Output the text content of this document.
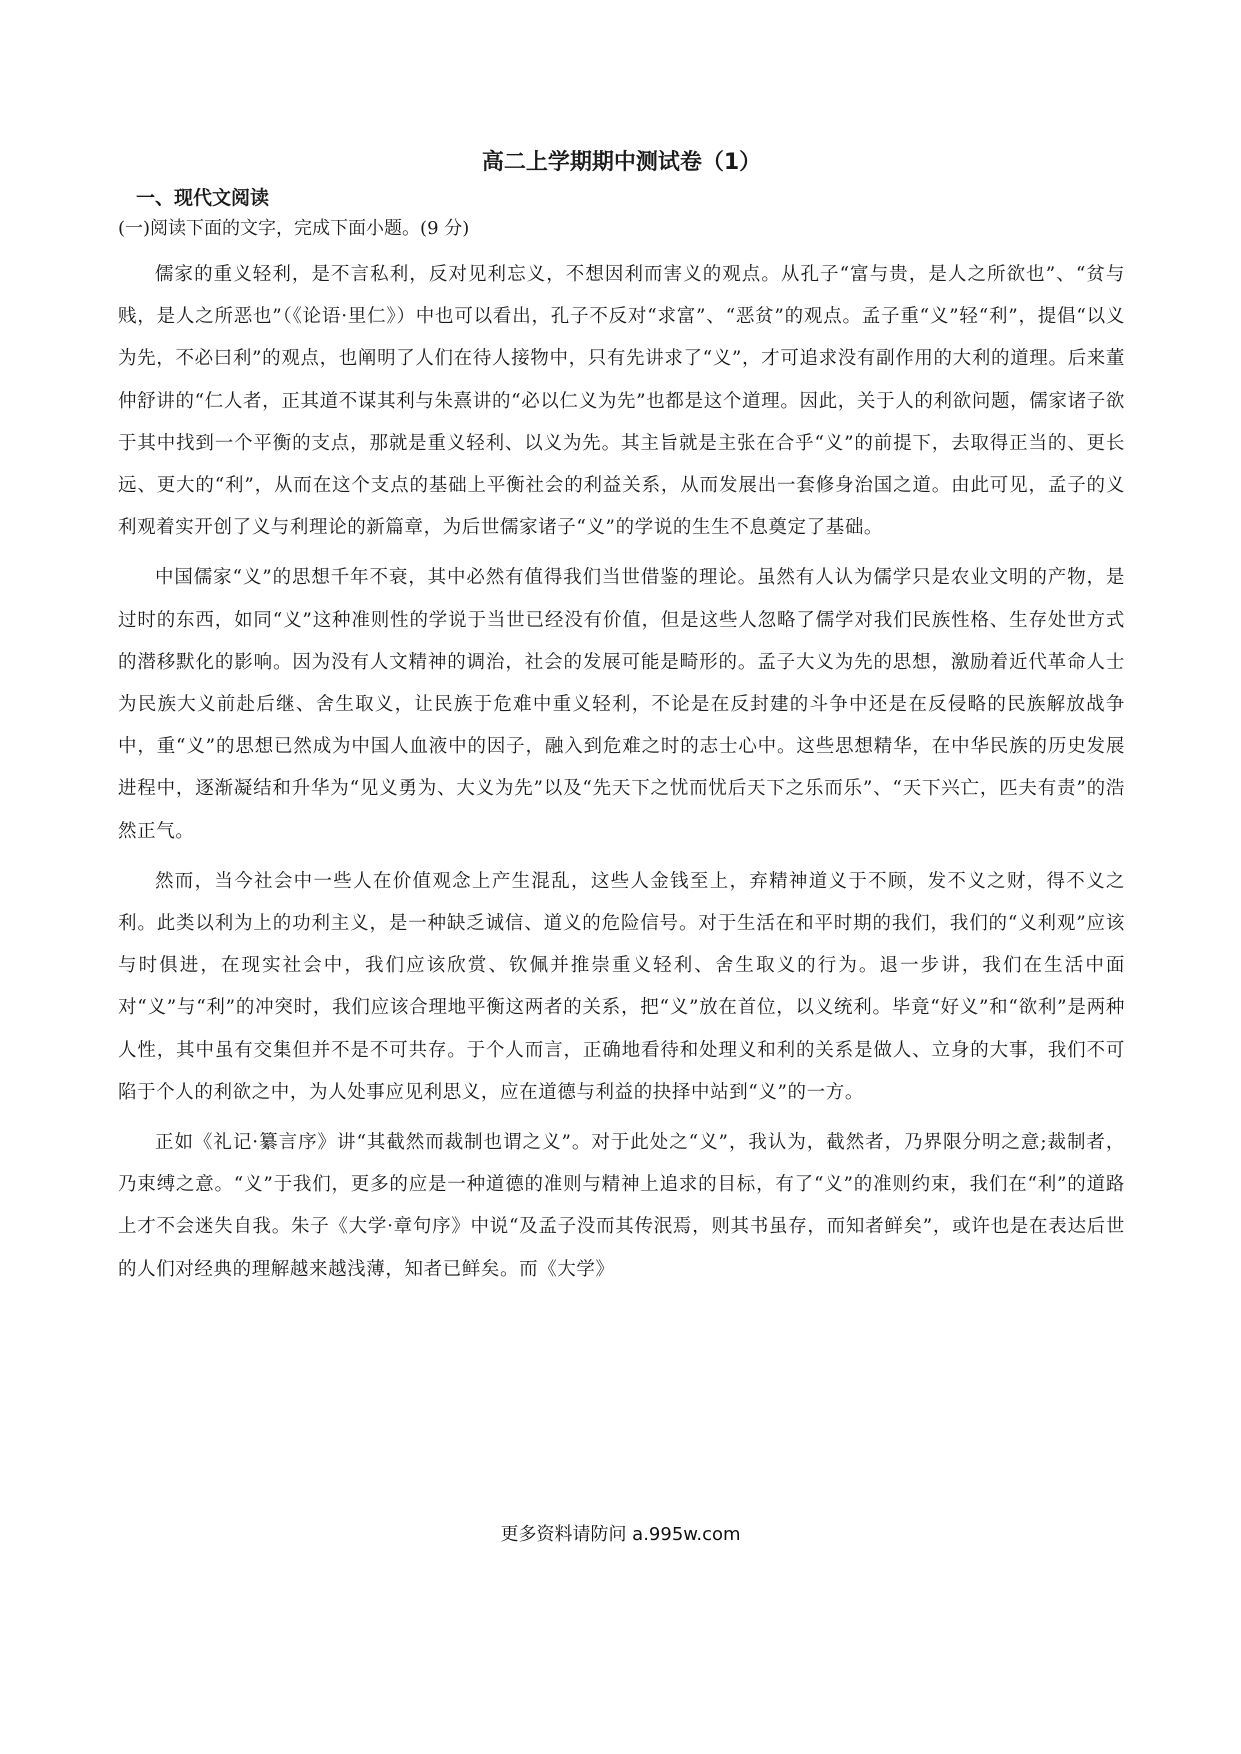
高二上学期期中测试卷（1）
一、现代文阅读
(一)阅读下面的文字，完成下面小题。(9 分)

儒家的重义轻利，是不言私利，反对见利忘义，不想因利而害义的观点。从孔子“富与贵，是人之所欲也”、“贫与贱，是人之所恶也”（《论语·里仁》）中也可以看出，孔子不反对“求富”、“恶贫”的观点。孟子重“义”轻“利”，提倡“以义为先，不必曰利”的观点，也阐明了人们在待人接物中，只有先讲求了“义”，才可追求没有副作用的大利的道理。后来董仲舒讲的“仁人者，正其道不谋其利与朱熹讲的“必以仁义为先”也都是这个道理。因此，关于人的利欲问题，儒家诸子欲于其中找到一个平衡的支点，那就是重义轻利、以义为先。其主旨就是主张在合乎“义”的前提下，去取得正当的、更长远、更大的“利”，从而在这个支点的基础上平衡社会的利益关系，从而发展出一套修身治国之道。由此可见，孟子的义利观着实开创了义与利理论的新篇章，为后世儒家诸子“义”的学说的生生不息奠定了基础。

中国儒家“义”的思想千年不衰，其中必然有值得我们当世借鉴的理论。虽然有人认为儒学只是农业文明的产物，是过时的东西，如同“义”这种准则性的学说于当世已经没有价值，但是这些人忽略了儒学对我们民族性格、生存处世方式的潜移默化的影响。因为没有人文精神的调治，社会的发展可能是畸形的。孟子大义为先的思想，激励着近代革命人士为民族大义前赴后继、舍生取义，让民族于危难中重义轻利，不论是在反封建的斗争中还是在反侵略的民族解放战争中，重“义”的思想已然成为中国人血液中的因子，融入到危难之时的志士心中。这些思想精华，在中华民族的历史发展进程中，逐渐凝结和升华为“见义勇为、大义为先”以及“先天下之忧而忧后天下之乐而乐”、“天下兴亡，匹夫有责”的浩然正气。

然而，当今社会中一些人在价值观念上产生混乱，这些人金钱至上，弃精神道义于不顾，发不义之财，得不义之利。此类以利为上的功利主义，是一种缺乏诚信、道义的危险信号。对于生活在和平时期的我们，我们的“义利观”应该与时俱进，在现实社会中，我们应该欣赏、钦佩并推崇重义轻利、舍生取义的行为。退一步讲，我们在生活中面对“义”与“利”的冲突时，我们应该合理地平衡这两者的关系，把“义”放在首位，以义统利。毕竟“好义”和“欲利”是两种人性，其中虽有交集但并不是不可共存。于个人而言，正确地看待和处理义和利的关系是做人、立身的大事，我们不可陷于个人的利欲之中，为人处事应见利思义，应在道德与利益的抉择中站到“义”的一方。

正如《礼记·纂言序》讲“其截然而裁制也谓之义”。对于此处之“义”，我认为，截然者，乃界限分明之意;裁制者，乃束缚之意。“义”于我们，更多的应是一种道德的准则与精神上追求的目标，有了“义”的准则约束，我们在“利”的道路上才不会迷失自我。朱子《大学·章句序》中说“及孟子没而其传泯焉，则其书虽存，而知者鲜矣”，或许也是在表达后世的人们对经典的理解越来越浅薄，知者已鲜矣。而《大学》

更多资料请防问 a.995w.com
